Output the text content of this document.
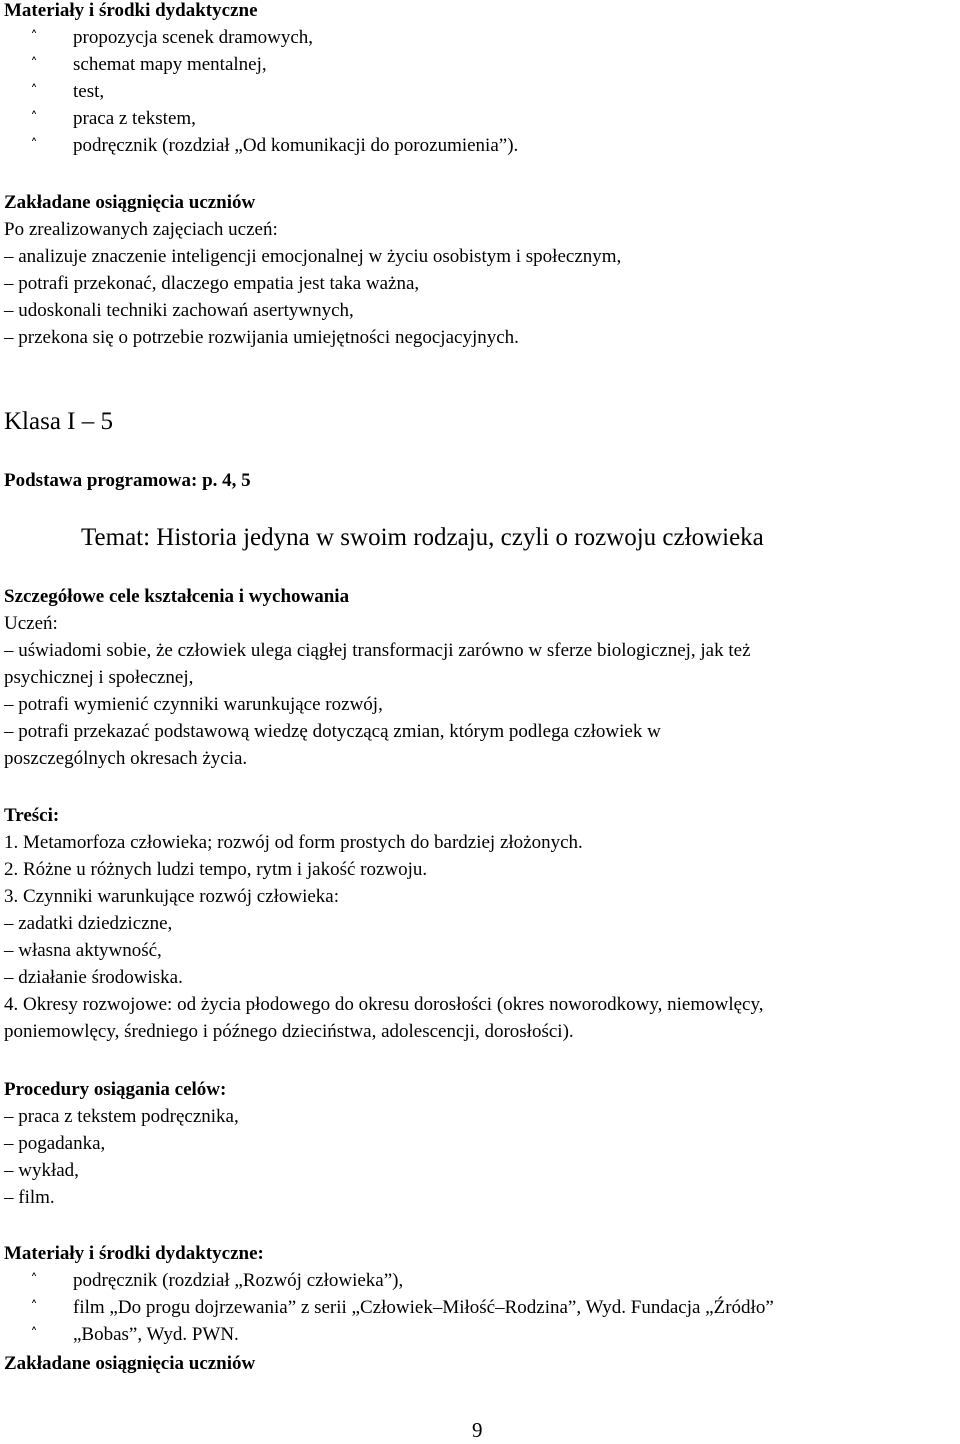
Materiały i środki dydaktyczne
˄	propozycja scenek dramowych,
˄	schemat mapy mentalnej,
˄	test,
˄	praca z tekstem,
˄	podręcznik (rozdział „Od komunikacji do porozumienia”).
Zakładane osiągnięcia uczniów
Po zrealizowanych zajęciach uczeń:
– analizuje znaczenie inteligencji emocjonalnej w życiu osobistym i społecznym,
– potrafi przekonać, dlaczego empatia jest taka ważna,
– udoskonali techniki zachowań asertywnych,
– przekona się o potrzebie rozwijania umiejętności negocjacyjnych.
Klasa I – 5
Podstawa programowa: p. 4, 5
Temat: Historia jedyna w swoim rodzaju, czyli o rozwoju człowieka
Szczegółowe cele kształcenia i wychowania
Uczeń:
– uświadomi sobie, że człowiek ulega ciągłej transformacji zarówno w sferze biologicznej, jak też
psychicznej i społecznej,
– potrafi wymienić czynniki warunkujące rozwój,
– potrafi przekazać podstawową wiedzę dotyczącą zmian, którym podlega człowiek w
poszczególnych okresach życia.
Treści:
1. Metamorfoza człowieka; rozwój od form prostych do bardziej złożonych.
2. Różne u różnych ludzi tempo, rytm i jakość rozwoju.
3. Czynniki warunkujące rozwój człowieka:
– zadatki dziedziczne,
– własna aktywność,
– działanie środowiska.
4. Okresy rozwojowe: od życia płodowego do okresu dorosłości (okres noworodkowy, niemowlęcy,
poniemowlęcy, średniego i późnego dzieciństwa, adolescencji, dorosłości).
Procedury osiągania celów:
– praca z tekstem podręcznika,
– pogadanka,
– wykład,
– film.
Materiały i środki dydaktyczne:
˄	podręcznik (rozdział „Rozwój człowieka”),
˄	film „Do progu dojrzewania” z serii „Człowiek–Miłość–Rodzina”, Wyd. Fundacja „Źródło”
˄	„Bobas”, Wyd. PWN.
Zakładane osiągnięcia uczniów
9
